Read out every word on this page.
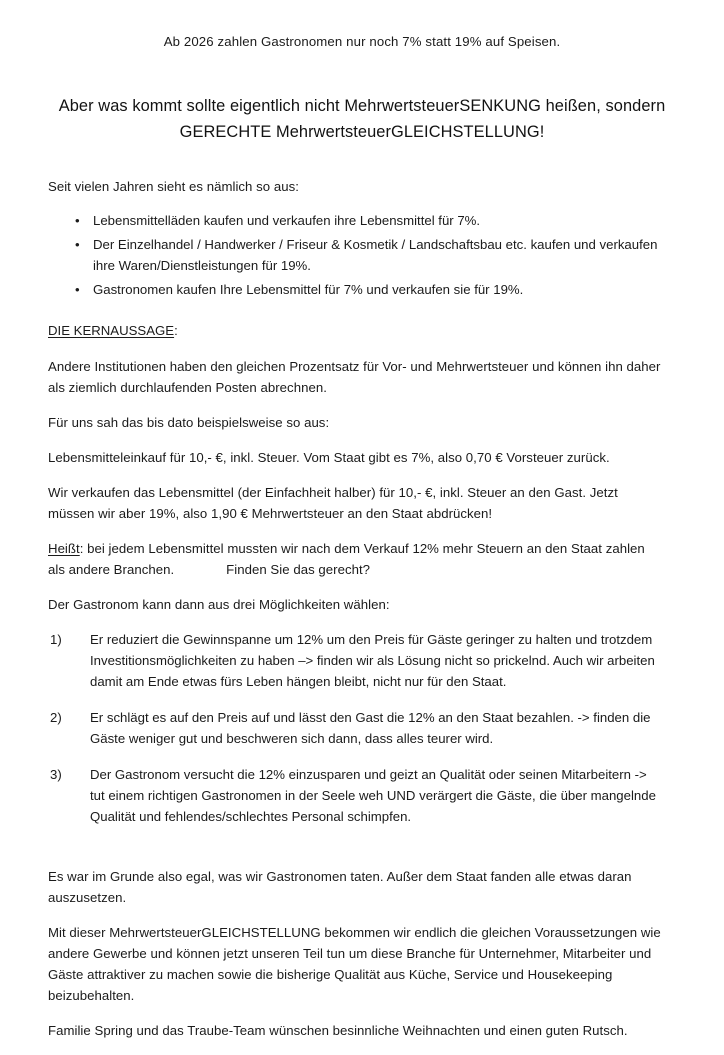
Ab 2026 zahlen Gastronomen nur noch 7% statt 19% auf Speisen.
Aber was kommt sollte eigentlich nicht MehrwertsteuerSENKUNG heißen, sondern
GERECHTE MehrwertsteuerGLEICHSTELLUNG!

Seit vielen Jahren sieht es nämlich so aus:

• Lebensmittelläden kaufen und verkaufen ihre Lebensmittel für 7%.
• Der Einzelhandel / Handwerker / Friseur & Kosmetik / Landschaftsbau etc. kaufen und verkaufen ihre Waren/Dienstleistungen für 19%.
• Gastronomen kaufen Ihre Lebensmittel für 7% und verkaufen sie für 19%.

DIE KERNAUSSAGE:

Andere Institutionen haben den gleichen Prozentsatz für Vor- und Mehrwertsteuer und können ihn daher als ziemlich durchlaufenden Posten abrechnen.

Für uns sah das bis dato beispielsweise so aus:

Lebensmitteleinkauf für 10,- €, inkl. Steuer. Vom Staat gibt es 7%, also 0,70 € Vorsteuer zurück.

Wir verkaufen das Lebensmittel (der Einfachheit halber) für 10,- €, inkl. Steuer an den Gast. Jetzt müssen wir aber 19%, also 1,90 € Mehrwertsteuer an den Staat abdrücken!

Heißt: bei jedem Lebensmittel mussten wir nach dem Verkauf 12% mehr Steuern an den Staat zahlen als andere Branchen.	Finden Sie das gerecht?

Der Gastronom kann dann aus drei Möglichkeiten wählen:

1) Er reduziert die Gewinnspanne um 12% um den Preis für Gäste geringer zu halten und trotzdem Investitionsmöglichkeiten zu haben –> finden wir als Lösung nicht so prickelnd. Auch wir arbeiten damit am Ende etwas fürs Leben hängen bleibt, nicht nur für den Staat.
2) Er schlägt es auf den Preis auf und lässt den Gast die 12% an den Staat bezahlen. -> finden die Gäste weniger gut und beschweren sich dann, dass alles teurer wird.
3) Der Gastronom versucht die 12% einzusparen und geizt an Qualität oder seinen Mitarbeitern -> tut einem richtigen Gastronomen in der Seele weh UND verärgert die Gäste, die über mangelnde Qualität und fehlendes/schlechtes Personal schimpfen.

Es war im Grunde also egal, was wir Gastronomen taten. Außer dem Staat fanden alle etwas daran auszusetzen.

Mit dieser MehrwertsteuerGLEICHSTELLUNG bekommen wir endlich die gleichen Voraussetzungen wie andere Gewerbe und können jetzt unseren Teil tun um diese Branche für Unternehmer, Mitarbeiter und Gäste attraktiver zu machen sowie die bisherige Qualität aus Küche, Service und Housekeeping beizubehalten.

Familie Spring und das Traube-Team wünschen besinnliche Weihnachten und einen guten Rutsch.
